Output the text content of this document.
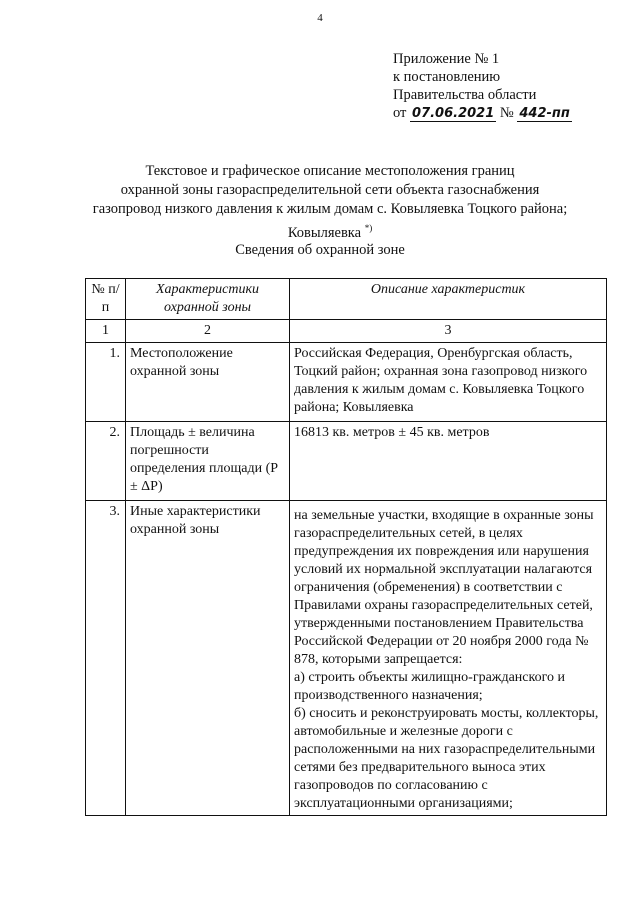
4
Приложение № 1
к постановлению
Правительства области
от 07.06.2021 № 442-пп
Текстовое и графическое описание местоположения границ
охранной зоны газораспределительной сети объекта газоснабжения
газопровод низкого давления к жилым домам с. Ковыляевка Тоцкого района;
Ковыляевка *)
Сведения об охранной зоне
№ п/п	Характеристики охранной зоны	Описание характеристик
1	2	3
1.	Местоположение охранной зоны	Российская Федерация, Оренбургская область, Тоцкий район; охранная зона газопровод низкого давления к жилым домам с. Ковыляевка Тоцкого района; Ковыляевка
2.	Площадь ± величина погрешности определения площади (P ± ΔP)	16813 кв. метров ± 45 кв. метров
3.	Иные характеристики охранной зоны	на земельные участки, входящие в охранные зоны газораспределительных сетей, в целях предупреждения их повреждения или нарушения условий их нормальной эксплуатации налагаются ограничения (обременения) в соответствии с Правилами охраны газораспределительных сетей, утвержденными постановлением Правительства Российской Федерации от 20 ноября 2000 года № 878, которыми запрещается:
а) строить объекты жилищно-гражданского и производственного назначения;
б) сносить и реконструировать мосты, коллекторы, автомобильные и железные дороги с расположенными на них газораспределительными сетями без предварительного выноса этих газопроводов по согласованию с эксплуатационными организациями;
